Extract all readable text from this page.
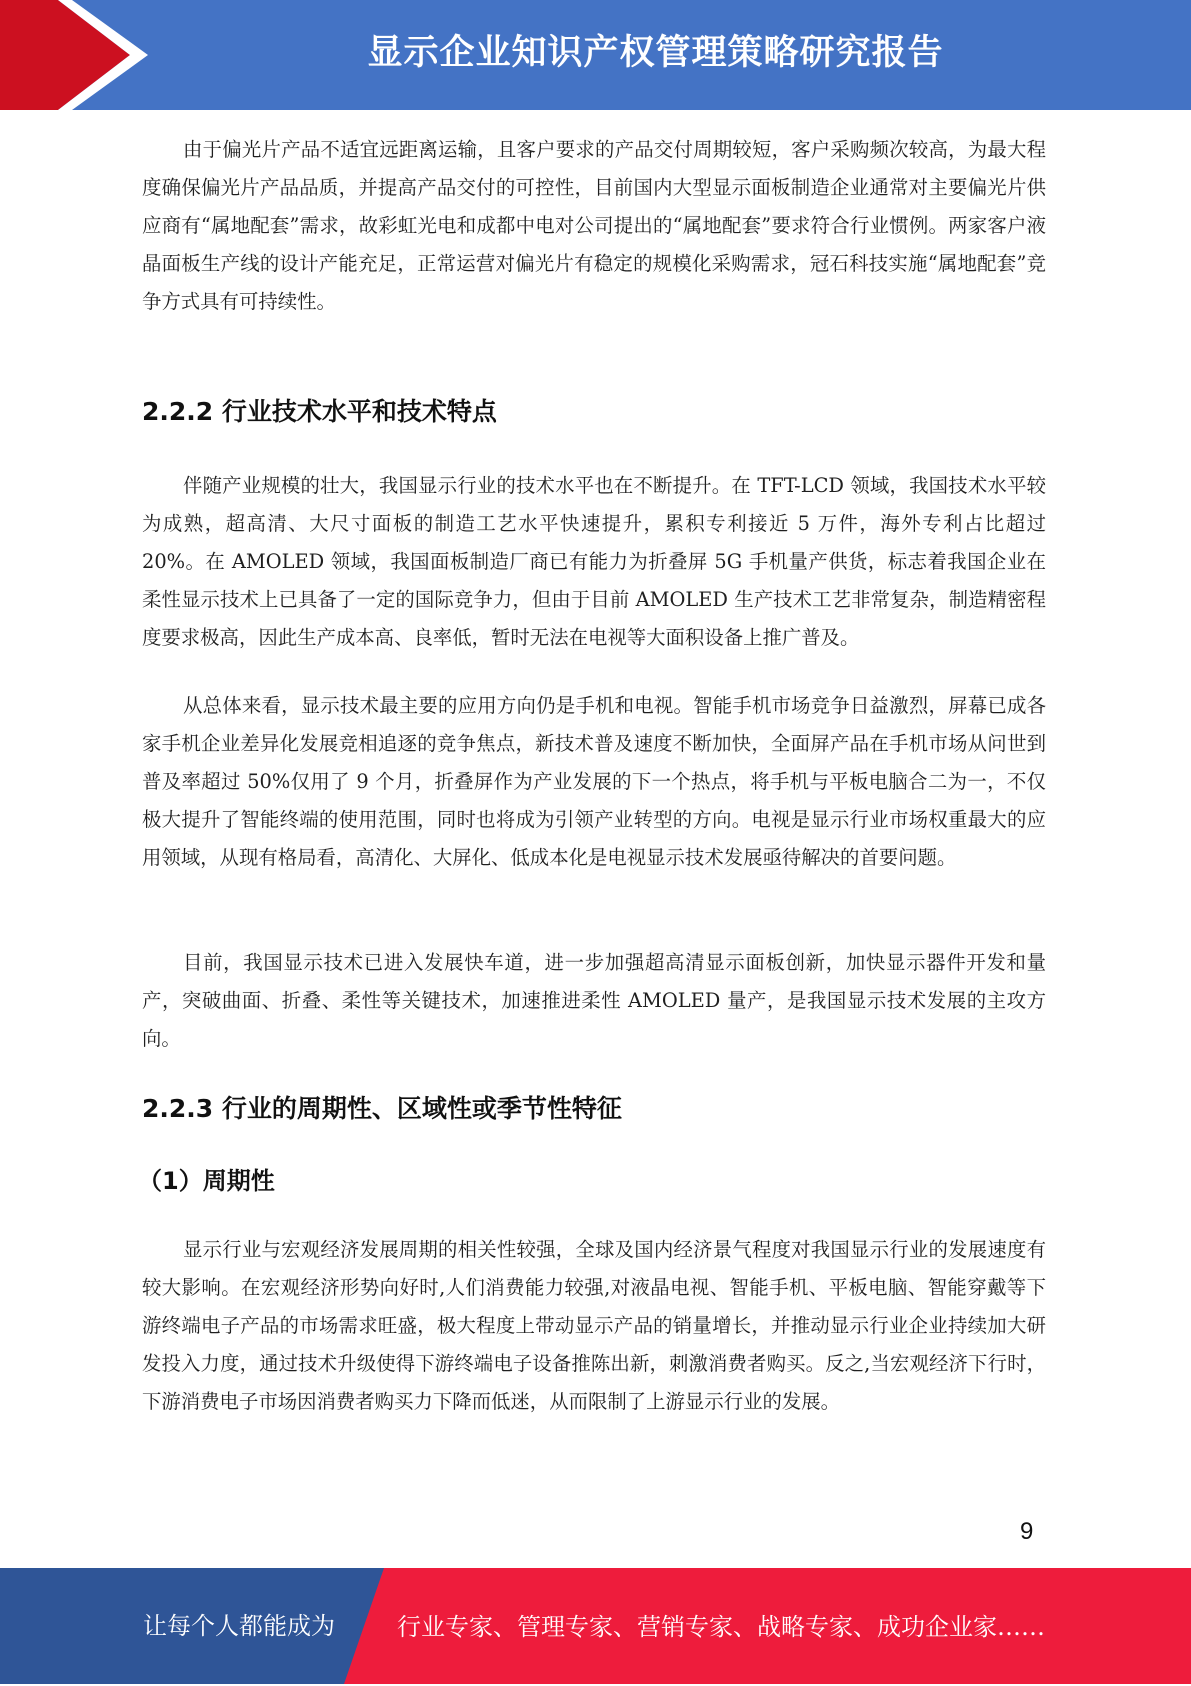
显示企业知识产权管理策略研究报告

由于偏光片产品不适宜远距离运输，且客户要求的产品交付周期较短，客户采购频次较高，为最大程度确保偏光片产品品质，并提高产品交付的可控性，目前国内大型显示面板制造企业通常对主要偏光片供应商有“属地配套”需求，故彩虹光电和成都中电对公司提出的“属地配套”要求符合行业惯例。两家客户液晶面板生产线的设计产能充足，正常运营对偏光片有稳定的规模化采购需求，冠石科技实施“属地配套”竞争方式具有可持续性。

2.2.2 行业技术水平和技术特点

伴随产业规模的壮大，我国显示行业的技术水平也在不断提升。在 TFT-LCD 领域，我国技术水平较为成熟，超高清、大尺寸面板的制造工艺水平快速提升，累积专利接近 5 万件，海外专利占比超过 20%。在 AMOLED 领域，我国面板制造厂商已有能力为折叠屏 5G 手机量产供货，标志着我国企业在柔性显示技术上已具备了一定的国际竞争力，但由于目前 AMOLED 生产技术工艺非常复杂，制造精密程度要求极高，因此生产成本高、良率低，暂时无法在电视等大面积设备上推广普及。

从总体来看，显示技术最主要的应用方向仍是手机和电视。智能手机市场竞争日益激烈，屏幕已成各家手机企业差异化发展竞相追逐的竞争焦点，新技术普及速度不断加快，全面屏产品在手机市场从问世到普及率超过 50%仅用了 9 个月，折叠屏作为产业发展的下一个热点，将手机与平板电脑合二为一，不仅极大提升了智能终端的使用范围，同时也将成为引领产业转型的方向。电视是显示行业市场权重最大的应用领域，从现有格局看，高清化、大屏化、低成本化是电视显示技术发展亟待解决的首要问题。

目前，我国显示技术已进入发展快车道，进一步加强超高清显示面板创新，加快显示器件开发和量产，突破曲面、折叠、柔性等关键技术，加速推进柔性 AMOLED 量产，是我国显示技术发展的主攻方向。

2.2.3 行业的周期性、区域性或季节性特征
（1）周期性

显示行业与宏观经济发展周期的相关性较强，全球及国内经济景气程度对我国显示行业的发展速度有较大影响。在宏观经济形势向好时,人们消费能力较强,对液晶电视、智能手机、平板电脑、智能穿戴等下游终端电子产品的市场需求旺盛，极大程度上带动显示产品的销量增长，并推动显示行业企业持续加大研发投入力度，通过技术升级使得下游终端电子设备推陈出新，刺激消费者购买。反之,当宏观经济下行时，下游消费电子市场因消费者购买力下降而低迷，从而限制了上游显示行业的发展。

9
让每个人都能成为	行业专家、管理专家、营销专家、战略专家、成功企业家……
